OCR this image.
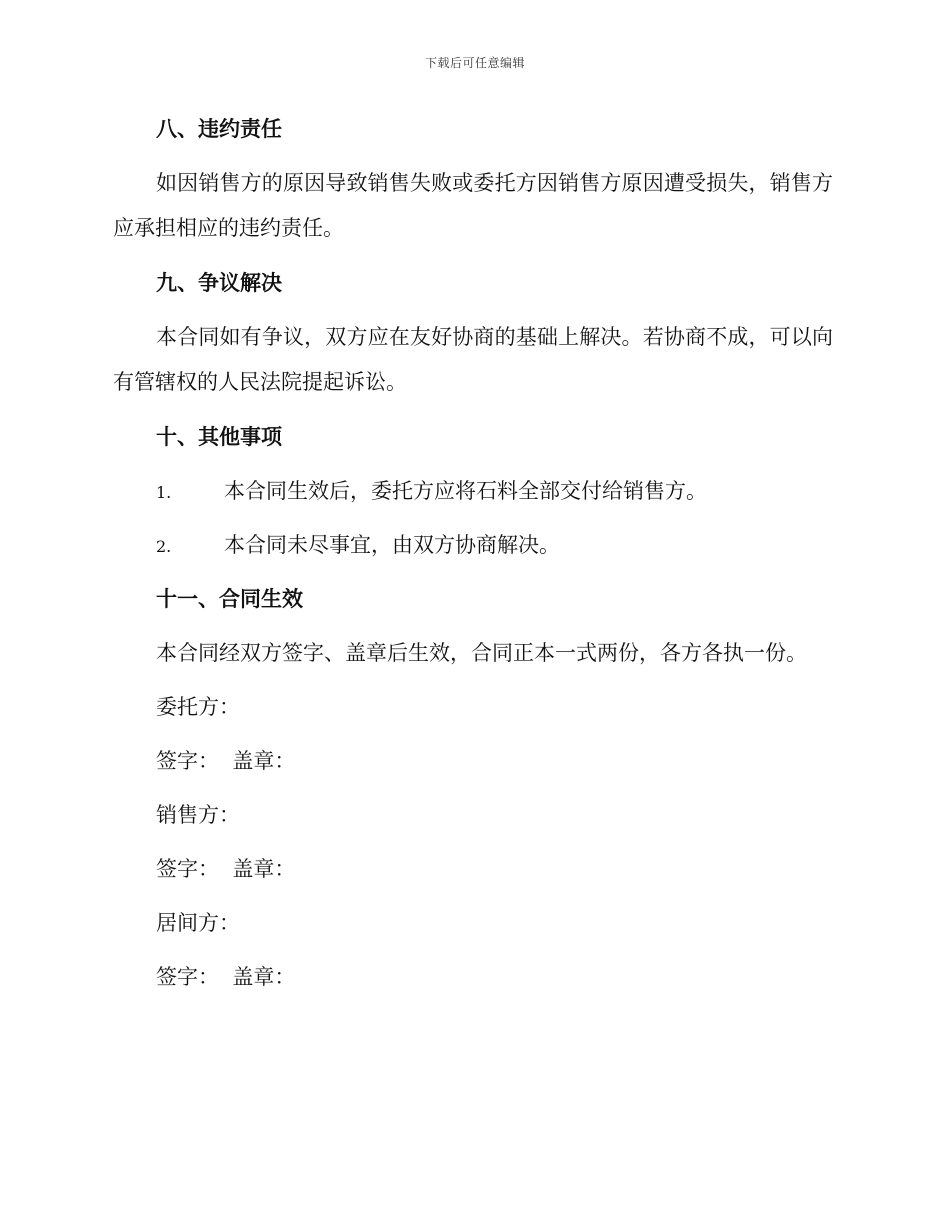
下载后可任意编辑
八、违约责任
如因销售方的原因导致销售失败或委托方因销售方原因遭受损失，销售方应承担相应的违约责任。
九、争议解决
本合同如有争议，双方应在友好协商的基础上解决。若协商不成，可以向有管辖权的人民法院提起诉讼。
十、其他事项
1.	本合同生效后，委托方应将石料全部交付给销售方。
2.	本合同未尽事宜，由双方协商解决。
十一、合同生效
本合同经双方签字、盖章后生效，合同正本一式两份，各方各执一份。
委托方：
签字：  盖章：
销售方：
签字：  盖章：
居间方：
签字：  盖章：
